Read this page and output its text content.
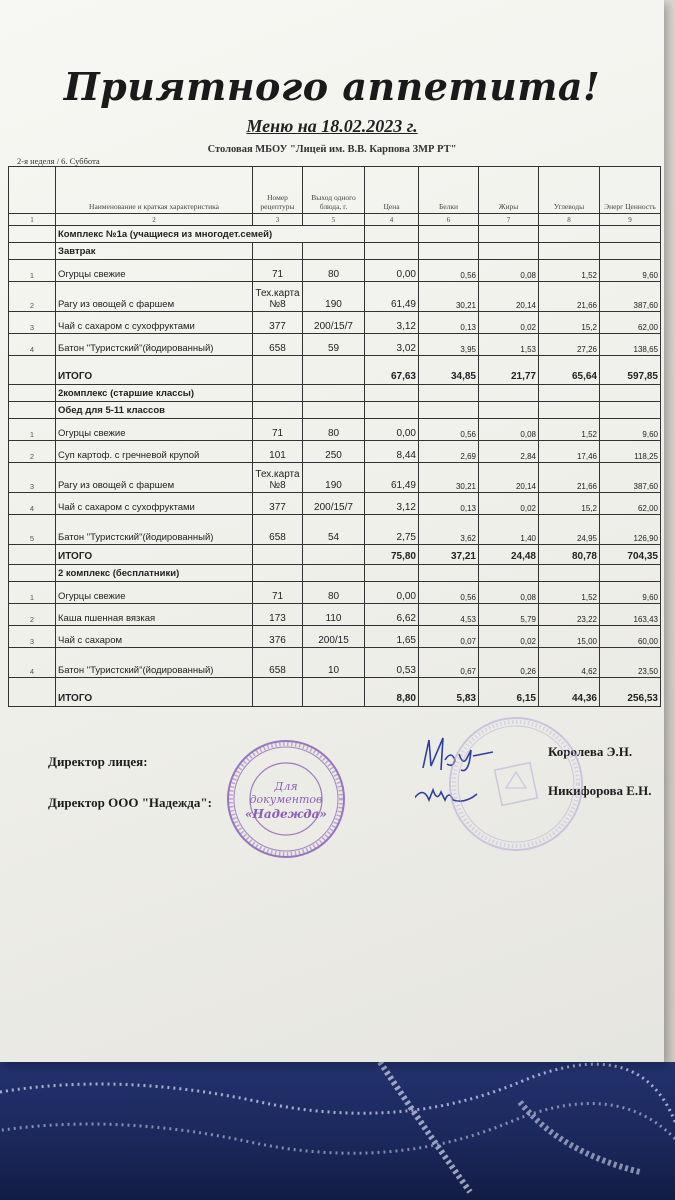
Приятного аппетита!
Меню на 18.02.2023 г.
Столовая МБОУ "Лицей им. В.В. Карпова ЗМР РТ"
2-я неделя / 6. Суббота
	Наименование и краткая характеристика	Номер рецептуры	Выход одного блюда, г.	Цена	Белки	Жиры	Углеводы	Энерг Ценность
1	2	3	5	4	6	7	8	9
	Комплекс №1а (учащиеся из многодет.семей)							
	Завтрак							
1	Огурцы свежие	71	80	0,00	0,56	0,08	1,52	9,60
2	Рагу из овощей с фаршем	Тех.карта №8	190	61,49	30,21	20,14	21,66	387,60
3	Чай с сахаром с сухофруктами	377	200/15/7	3,12	0,13	0,02	15,2	62,00
4	Батон "Туристский"(йодированный)	658	59	3,02	3,95	1,53	27,26	138,65
	ИТОГО			67,63	34,85	21,77	65,64	597,85
	2комплекс (старшие классы)							
	Обед для 5-11 классов							
1	Огурцы свежие	71	80	0,00	0,56	0,08	1,52	9,60
2	Суп картоф. с гречневой крупой	101	250	8,44	2,69	2,84	17,46	118,25
3	Рагу из овощей с фаршем	Тех.карта №8	190	61,49	30,21	20,14	21,66	387,60
4	Чай с сахаром с сухофруктами	377	200/15/7	3,12	0,13	0,02	15,2	62,00
5	Батон "Туристский"(йодированный)	658	54	2,75	3,62	1,40	24,95	126,90
	ИТОГО			75,80	37,21	24,48	80,78	704,35
	2 комплекс (бесплатники)							
1	Огурцы свежие	71	80	0,00	0,56	0,08	1,52	9,60
2	Каша пшенная вязкая	173	110	6,62	4,53	5,79	23,22	163,43
3	Чай с сахаром	376	200/15	1,65	0,07	0,02	15,00	60,00
4	Батон "Туристский"(йодированный)	658	10	0,53	0,67	0,26	4,62	23,50
	ИТОГО			8,80	5,83	6,15	44,36	256,53
Директор лицея:
Королева Э.Н.
Директор ООО "Надежда":
Никифорова Е.Н.
Для
документов
«Надежда»
